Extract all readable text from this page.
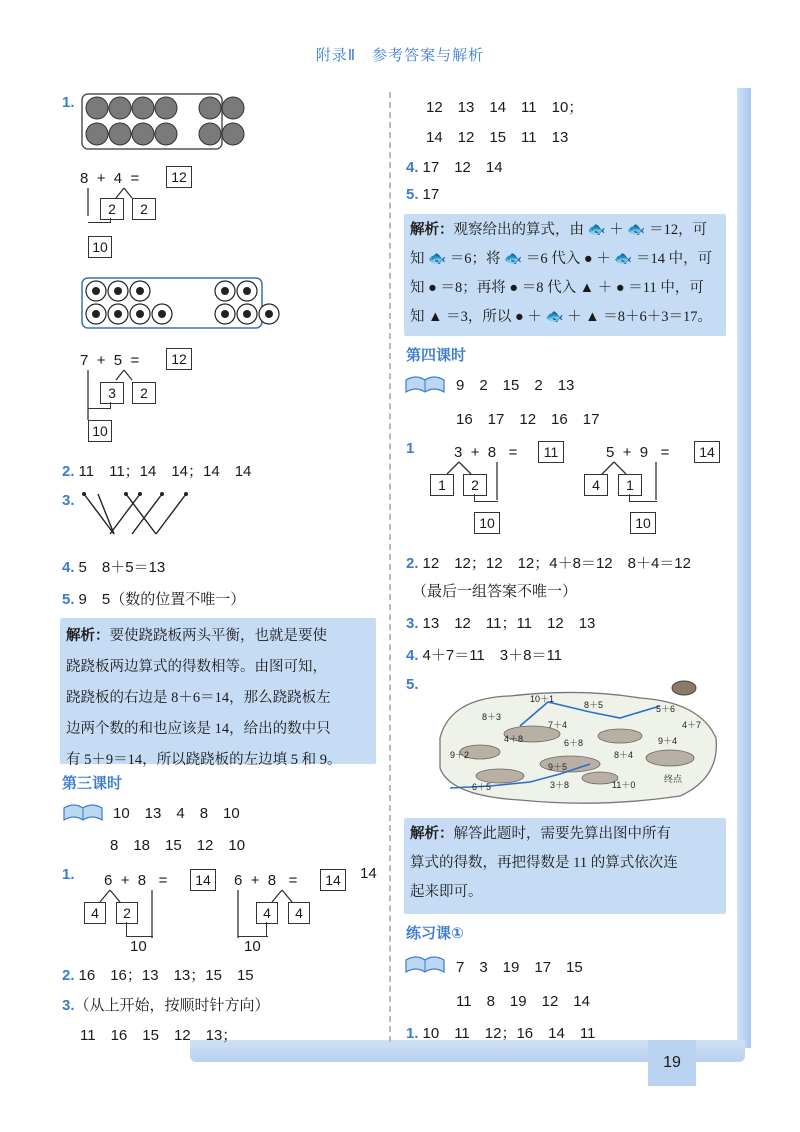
19
附录Ⅱ　参考答案与解析
1.
8 + 4 =	12
2	2
10
7 + 5 =	12
3	2
10
2. 11　11；14　14；14　14
3.
4. 5　8＋5＝13
5. 9　5（数的位置不唯一）
解析：要使跷跷板两头平衡，也就是要使
跷跷板两边算式的得数相等。由图可知，
跷跷板的右边是 8＋6＝14，那么跷跷板左
边两个数的和也应该是 14，给出的数中只
有 5＋9＝14，所以跷跷板的左边填 5 和 9。
第三课时
10　13　4　8　10
8　18　15　12　10
1. 6 + 8 =	14
4	2
10
6 + 8 =	14	14
4	4
10
2. 16　16；13　13；15　15
3.（从上开始，按顺时针方向）
11　16　15　12　13；
12　13　14　11　10；
14　12　15　11　13
4. 17　12　14
5. 17
解析：观察给出的算式，由 🐟 ＋ 🐟 ＝12，可
知 🐟 ＝6；将 🐟 ＝6 代入 ● ＋ 🐟 ＝14 中，可
知 ● ＝8；再将 ● ＝8 代入 ▲ ＋ ● ＝11 中，可
知 ▲ ＝3，所以 ● ＋ 🐟 ＋ ▲ ＝8＋6＋3＝17。
第四课时
9　2　15　2　13
16　17　12　16　17
1	3 + 8 =	11
1	2
10
5 + 9 =	14
4	1
10
2. 12　12；12　12；4＋8＝12　8＋4＝12
（最后一组答案不唯一）
3. 13　12　11；11　12　13
4. 4＋7＝11　3＋8＝11
5.
10＋1
8＋5	5＋6
8＋3
7＋4	4＋7
6＋8	9＋4
9＋2	8＋4
4＋8
9＋5
3＋8
6＋5	11＋0
终点
解析：解答此题时，需要先算出图中所有
算式的得数，再把得数是 11 的算式依次连
起来即可。
练习课①
7　3　19　17　15
11　8　19　12　14
1. 10　11　12；16　14　11
